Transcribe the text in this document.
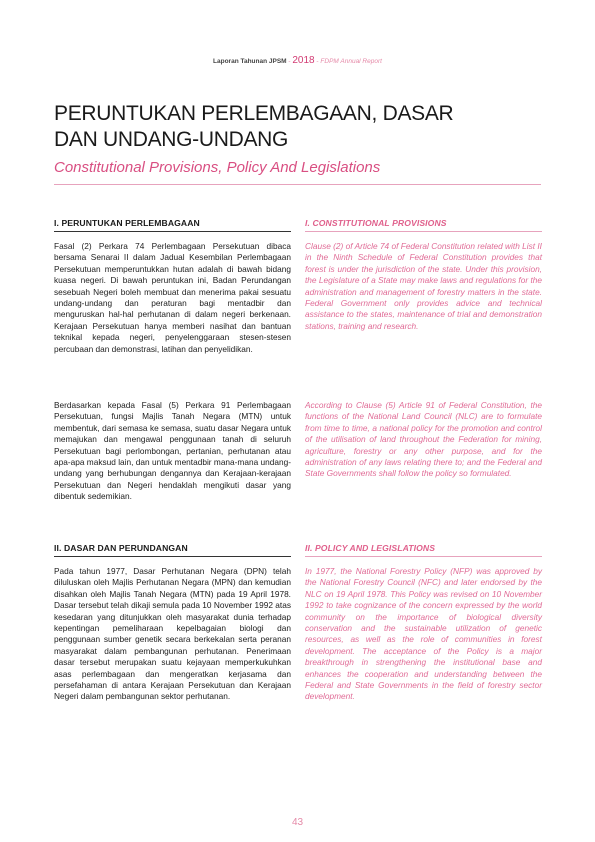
Laporan Tahunan JPSM - 2018 - FDPM Annual Report
PERUNTUKAN PERLEMBAGAAN, DASAR
DAN UNDANG-UNDANG
Constitutional Provisions, Policy And Legislations
I. PERUNTUKAN PERLEMBAGAAN

Fasal (2) Perkara 74 Perlembagaan Persekutuan dibaca bersama Senarai II dalam Jadual Kesembilan Perlembagaan Persekutuan memperuntukkan hutan adalah di bawah bidang kuasa negeri. Di bawah peruntukan ini, Badan Perundangan sesebuah Negeri boleh membuat dan menerima pakai sesuatu undang-undang dan peraturan bagi mentadbir dan menguruskan hal-hal perhutanan di dalam negeri berkenaan. Kerajaan Persekutuan hanya memberi nasihat dan bantuan teknikal kepada negeri, penyelenggaraan stesen-stesen percubaan dan demonstrasi, latihan dan penyelidikan.

Berdasarkan kepada Fasal (5) Perkara 91 Perlembagaan Persekutuan, fungsi Majlis Tanah Negara (MTN) untuk membentuk, dari semasa ke semasa, suatu dasar Negara untuk memajukan dan mengawal penggunaan tanah di seluruh Persekutuan bagi perlombongan, pertanian, perhutanan atau apa-apa maksud lain, dan untuk mentadbir mana-mana undang-undang yang berhubungan dengannya dan Kerajaan-kerajaan Persekutuan dan Negeri hendaklah mengikuti dasar yang dibentuk sedemikian.

I. CONSTITUTIONAL PROVISIONS

Clause (2) of Article 74 of Federal Constitution related with List II in the Ninth Schedule of Federal Constitution provides that forest is under the jurisdiction of the state. Under this provision, the Legislature of a State may make laws and regulations for the administration and management of forestry matters in the state. Federal Government only provides advice and technical assistance to the states, maintenance of trial and demonstration stations, training and research.

According to Clause (5) Article 91 of Federal Constitution, the functions of the National Land Council (NLC) are to formulate from time to time, a national policy for the promotion and control of the utilisation of land throughout the Federation for mining, agriculture, forestry or any other purpose, and for the administration of any laws relating there to; and the Federal and State Governments shall follow the policy so formulated.

II. DASAR DAN PERUNDANGAN

Pada tahun 1977, Dasar Perhutanan Negara (DPN) telah diluluskan oleh Majlis Perhutanan Negara (MPN) dan kemudian disahkan oleh Majlis Tanah Negara (MTN) pada 19 April 1978. Dasar tersebut telah dikaji semula pada 10 November 1992 atas kesedaran yang ditunjukkan oleh masyarakat dunia terhadap kepentingan pemeliharaan kepelbagaian biologi dan penggunaan sumber genetik secara berkekalan serta peranan masyarakat dalam pembangunan perhutanan. Penerimaan dasar tersebut merupakan suatu kejayaan memperkukuhkan asas perlembagaan dan mengeratkan kerjasama dan persefahaman di antara Kerajaan Persekutuan dan Kerajaan Negeri dalam pembangunan sektor perhutanan.

II. POLICY AND LEGISLATIONS

In 1977, the National Forestry Policy (NFP) was approved by the National Forestry Council (NFC) and later endorsed by the NLC on 19 April 1978. This Policy was revised on 10 November 1992 to take cognizance of the concern expressed by the world community on the importance of biological diversity conservation and the sustainable utilization of genetic resources, as well as the role of communities in forest development. The acceptance of the Policy is a major breakthrough in strengthening the institutional base and enhances the cooperation and understanding between the Federal and State Governments in the field of forestry sector development.

43
